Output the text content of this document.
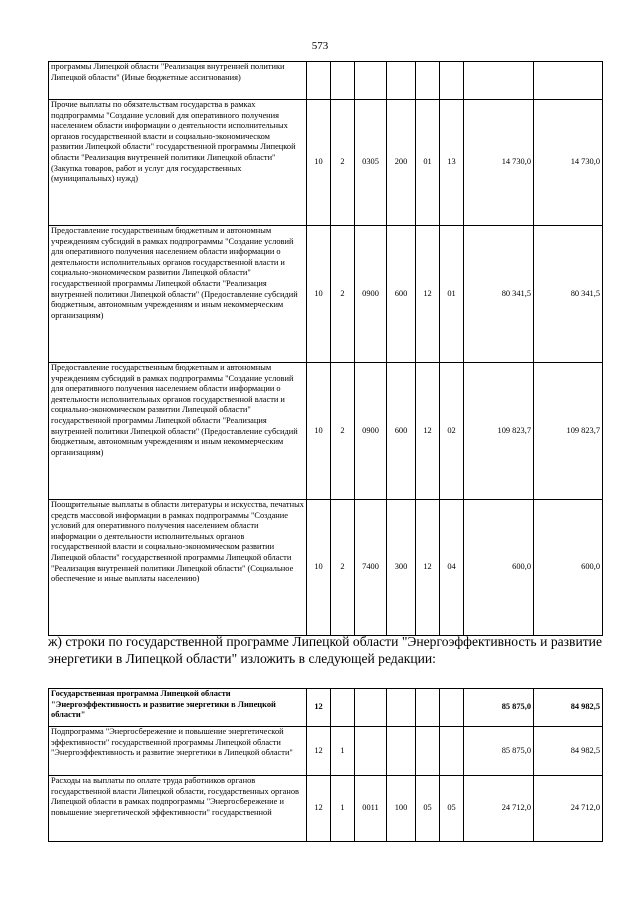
573
программы Липецкой области "Реализация внутренней политики Липецкой области" (Иные бюджетные ассигнования)								
Прочие выплаты по обязательствам государства в рамках подпрограммы "Создание условий для оперативного получения населением области информации о деятельности исполнительных органов государственной власти и социально-экономическом развитии Липецкой области" государственной программы Липецкой области "Реализация внутренней политики Липецкой области" (Закупка товаров, работ и услуг для государственных (муниципальных) нужд)	10	2	0305	200	01	13	14 730,0	14 730,0
Предоставление государственным бюджетным и автономным учреждениям субсидий в рамках подпрограммы "Создание условий для оперативного получения населением области информации о деятельности исполнительных органов государственной власти и социально-экономическом развитии Липецкой области" государственной программы Липецкой области "Реализация внутренней политики Липецкой области" (Предоставление субсидий бюджетным, автономным учреждениям и иным некоммерческим организациям)	10	2	0900	600	12	01	80 341,5	80 341,5
Предоставление государственным бюджетным и автономным учреждениям субсидий в рамках подпрограммы "Создание условий для оперативного получения населением области информации о деятельности исполнительных органов государственной власти и социально-экономическом развитии Липецкой области" государственной программы Липецкой области "Реализация внутренней политики Липецкой области" (Предоставление субсидий бюджетным, автономным учреждениям и иным некоммерческим организациям)	10	2	0900	600	12	02	109 823,7	109 823,7
Поощрительные выплаты в области литературы и искусства, печатных средств массовой информации в рамках подпрограммы "Создание условий для оперативного получения населением области информации о деятельности исполнительных органов государственной власти и социально-экономическом развитии Липецкой области" государственной программы Липецкой области "Реализация внутренней политики Липецкой области" (Социальное обеспечение и иные выплаты населению)	10	2	7400	300	12	04	600,0	600,0
ж) строки по государственной программе Липецкой области "Энергоэффективность и развитие энергетики в Липецкой области" изложить в следующей редакции:
Государственная программа Липецкой области "Энергоэффективность и развитие энергетики в Липецкой области"	12						85 875,0	84 982,5
Подпрограмма "Энергосбережение и повышение энергетической эффективности" государственной программы Липецкой области "Энергоэффективность и развитие энергетики в Липецкой области"	12	1					85 875,0	84 982,5
Расходы на выплаты по оплате труда работников органов государственной власти Липецкой области, государственных органов Липецкой области в рамках подпрограммы "Энергосбережение и повышение энергетической эффективности" государственной	12	1	0011	100	05	05	24 712,0	24 712,0
